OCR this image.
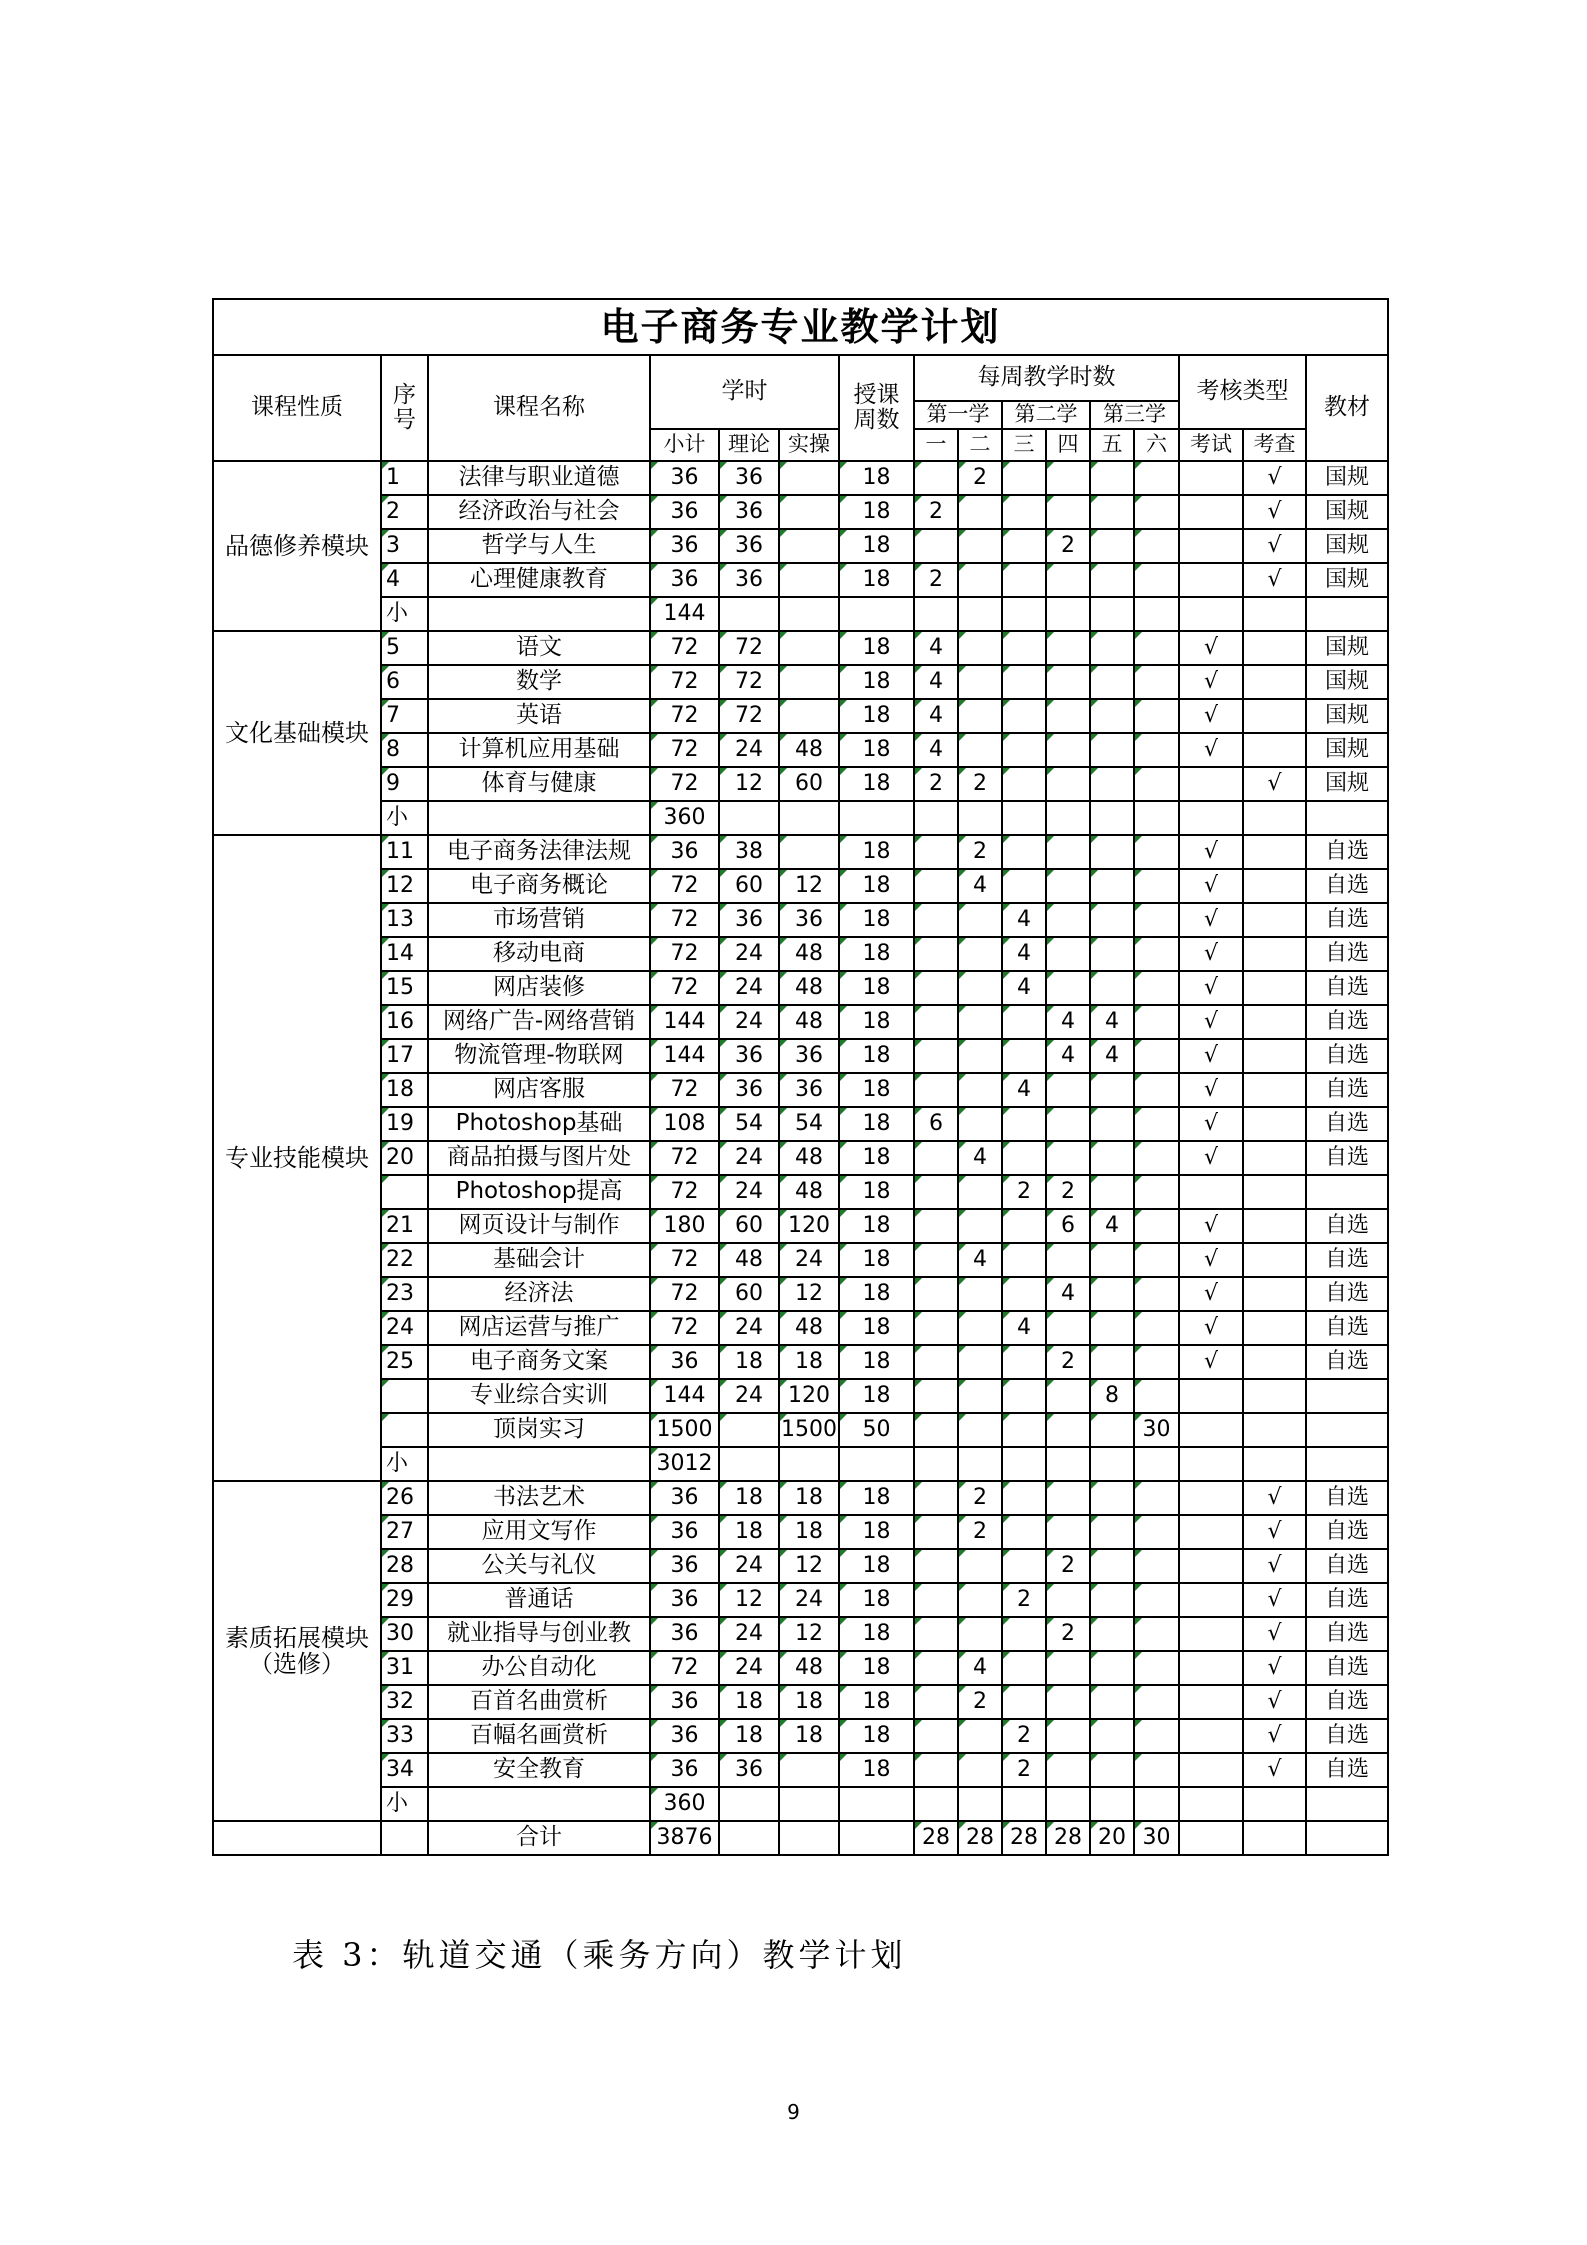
电子商务专业教学计划															
课程性质	序号	课程名称	学时			授课周数	每周教学时数						考核类型		教材
							第一学		第二学		第三学				
			小计	理论	实操		一	二	三	四	五	六	考试	考查	
品德修养模块	1	法律与职业道德	36	36		18		2						√	国规
	2	经济政治与社会	36	36		18	2							√	国规
	3	哲学与人生	36	36		18				2				√	国规
	4	心理健康教育	36	36		18	2							√	国规
	小		144												
文化基础模块	5	语文	72	72		18	4						√		国规
	6	数学	72	72		18	4						√		国规
	7	英语	72	72		18	4						√		国规
	8	计算机应用基础	72	24	48	18	4						√		国规
	9	体育与健康	72	12	60	18	2	2						√	国规
	小		360												
专业技能模块	11	电子商务法律法规	36	38		18		2					√		自选
	12	电子商务概论	72	60	12	18		4					√		自选
	13	市场营销	72	36	36	18			4				√		自选
	14	移动电商	72	24	48	18			4				√		自选
	15	网店装修	72	24	48	18			4				√		自选
	16	网络广告-网络营销	144	24	48	18				4	4		√		自选
	17	物流管理-物联网	144	36	36	18				4	4		√		自选
	18	网店客服	72	36	36	18			4				√		自选
	19	Photoshop基础	108	54	54	18	6						√		自选
	20	商品拍摄与图片处	72	24	48	18		4					√		自选
		Photoshop提高	72	24	48	18			2	2					
	21	网页设计与制作	180	60	120	18				6	4		√		自选
	22	基础会计	72	48	24	18		4					√		自选
	23	经济法	72	60	12	18				4			√		自选
	24	网店运营与推广	72	24	48	18			4				√		自选
	25	电子商务文案	36	18	18	18				2			√		自选
		专业综合实训	144	24	120	18					8				
		顶岗实习	1500		1500	50						30			
	小		3012												
素质拓展模块（选修）	26	书法艺术	36	18	18	18		2						√	自选
	27	应用文写作	36	18	18	18		2						√	自选
	28	公关与礼仪	36	24	12	18				2				√	自选
	29	普通话	36	12	24	18			2					√	自选
	30	就业指导与创业教	36	24	12	18				2				√	自选
	31	办公自动化	72	24	48	18		4						√	自选
	32	百首名曲赏析	36	18	18	18		2						√	自选
	33	百幅名画赏析	36	18	18	18			2					√	自选
	34	安全教育	36	36		18			2					√	自选
	小		360												
		合计	3876				28	28	28	28	20	30			
表 3：轨道交通（乘务方向）教学计划
9
